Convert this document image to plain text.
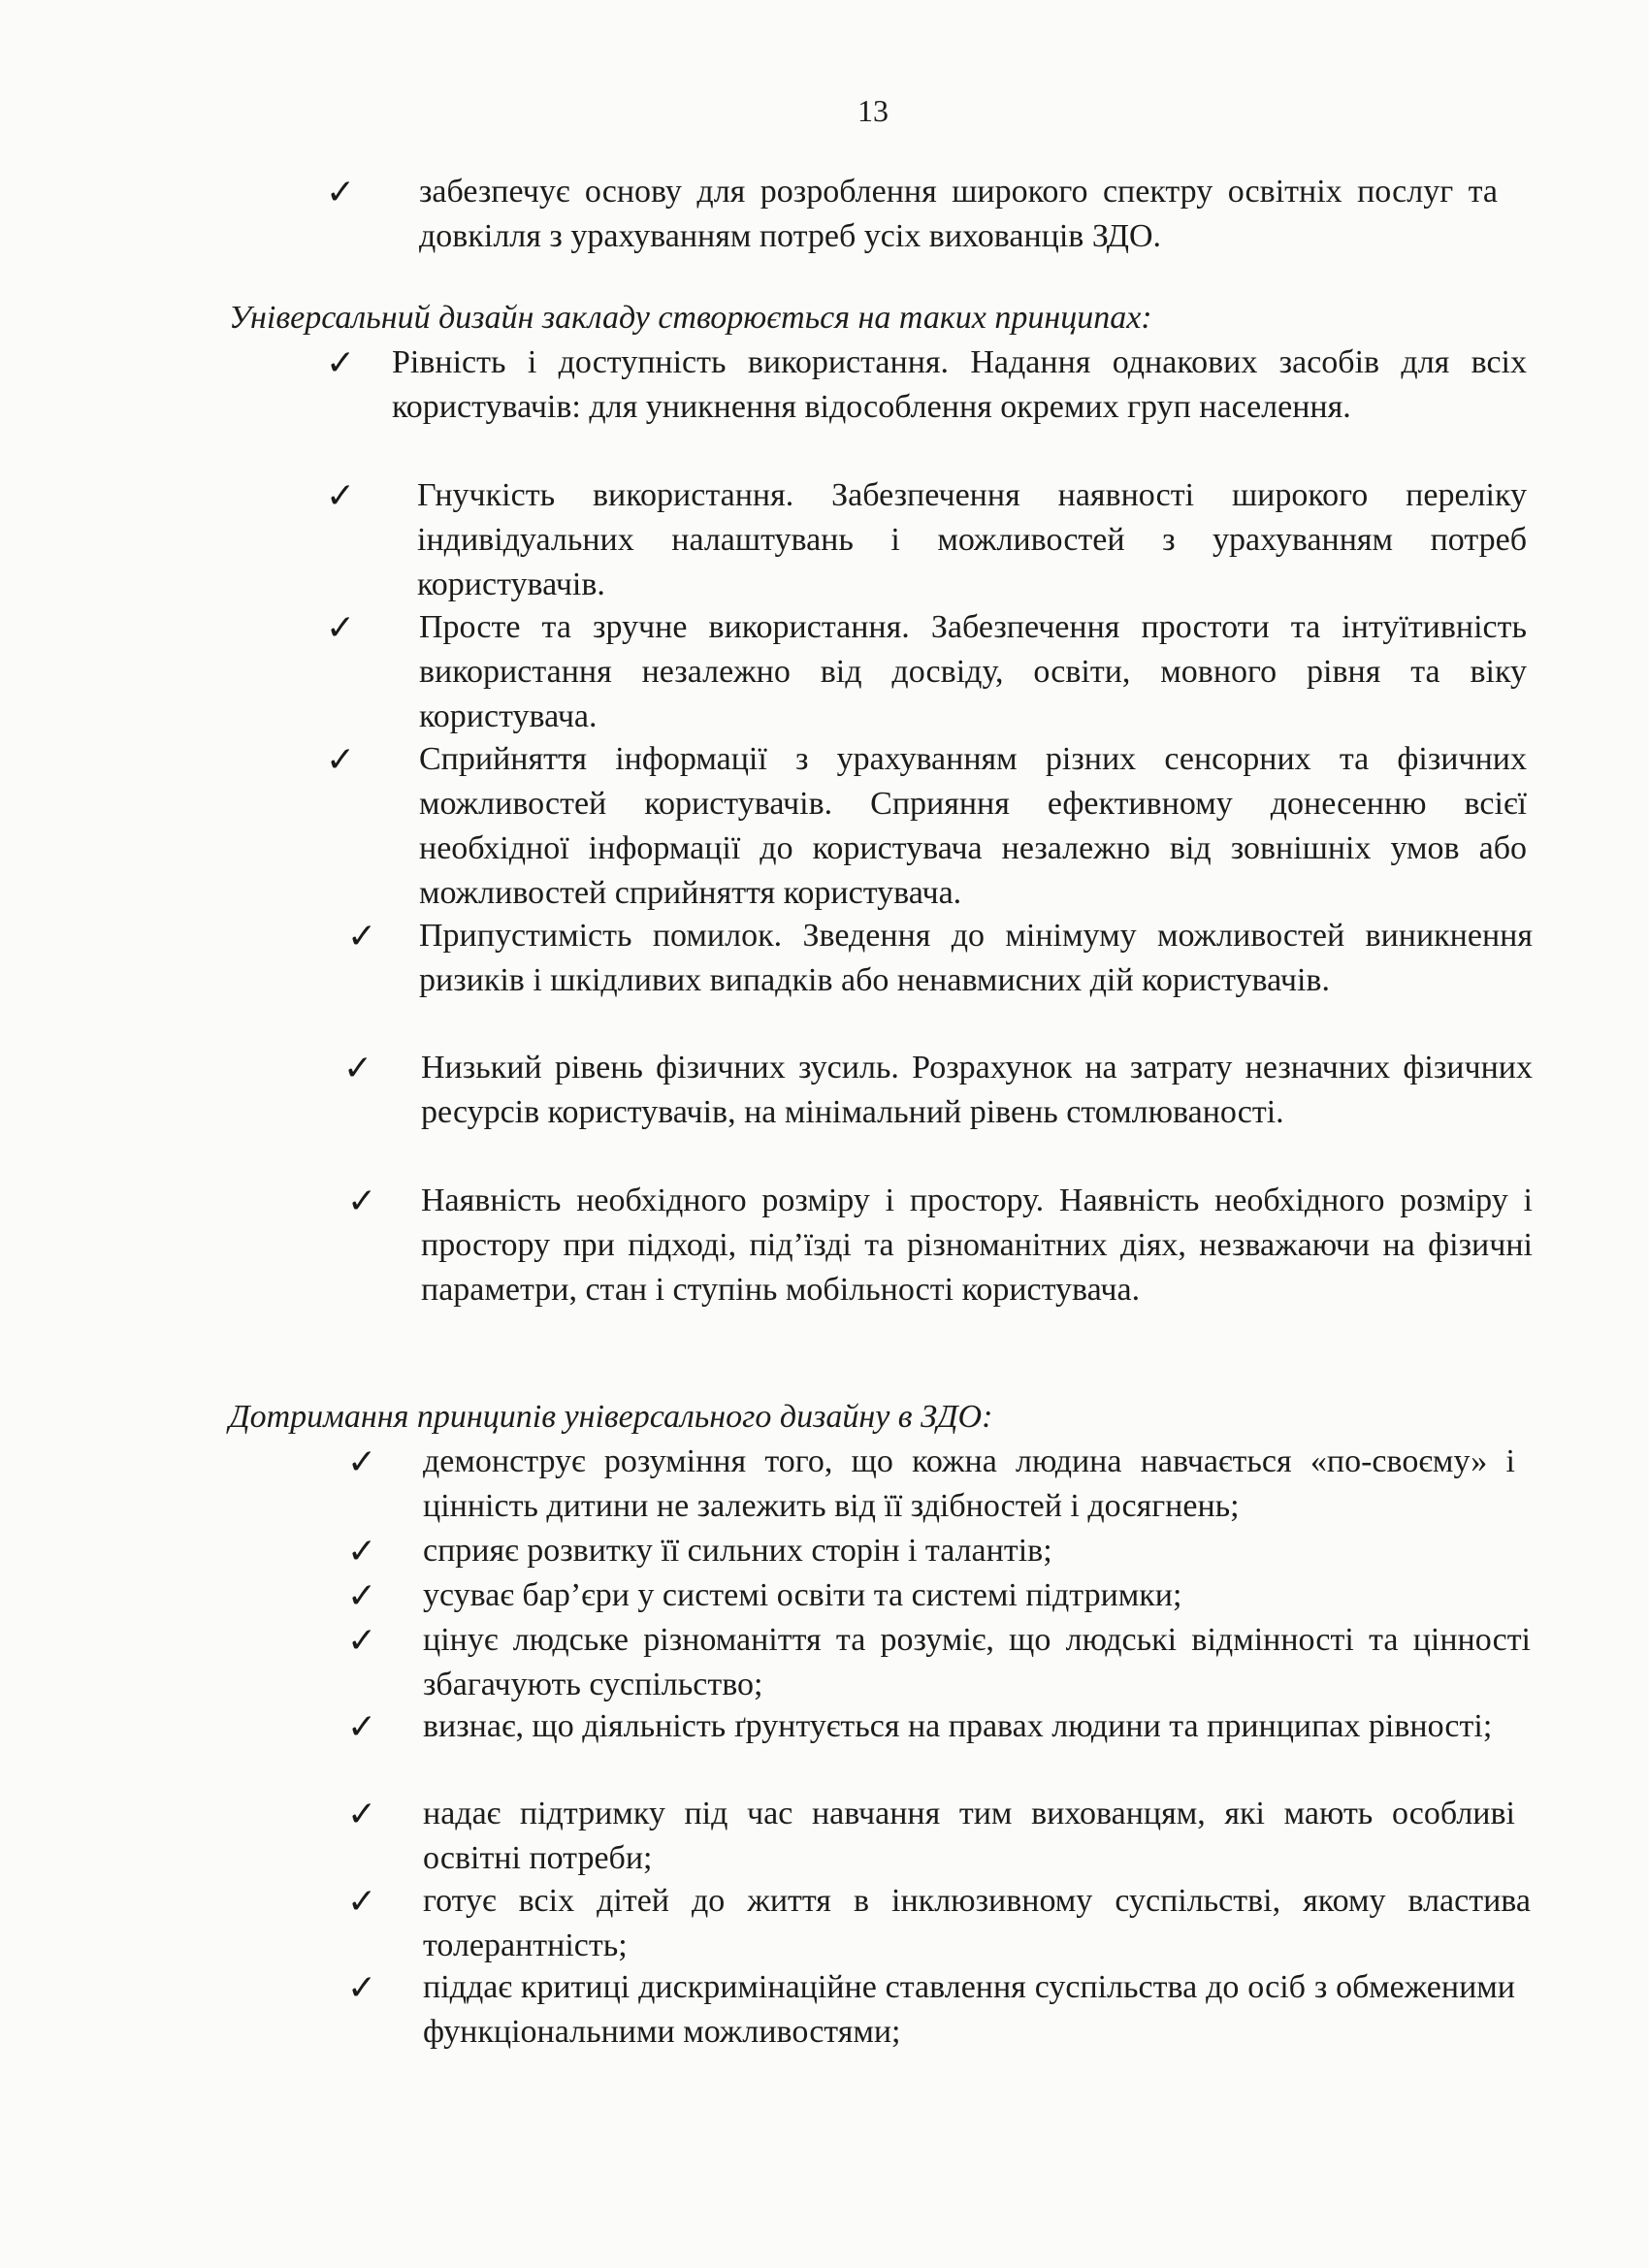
13
✓ забезпечує основу для розроблення широкого спектру освітніх послуг та довкілля з урахуванням потреб усіх вихованців ЗДО.
Універсальний дизайн закладу створюється на таких принципах:
✓ Рівність і доступність використання. Надання однакових засобів для всіх користувачів: для уникнення відособлення окремих груп населення.
✓ Гнучкість використання. Забезпечення наявності широкого переліку індивідуальних налаштувань і можливостей з урахуванням потреб користувачів.
✓ Просте та зручне використання. Забезпечення простоти та інтуїтивність використання незалежно від досвіду, освіти, мовного рівня та віку користувача.
✓ Сприйняття інформації з урахуванням різних сенсорних та фізичних можливостей користувачів. Сприяння ефективному донесенню всієї необхідної інформації до користувача незалежно від зовнішніх умов або можливостей сприйняття користувача.
✓ Припустимість помилок. Зведення до мінімуму можливостей виникнення ризиків і шкідливих випадків або ненавмисних дій користувачів.
✓ Низький рівень фізичних зусиль. Розрахунок на затрату незначних фізичних ресурсів користувачів, на мінімальний рівень стомлюваності.
✓ Наявність необхідного розміру і простору. Наявність необхідного розміру і простору при підході, під’їзді та різноманітних діях, незважаючи на фізичні параметри, стан і ступінь мобільності користувача.
Дотримання принципів універсального дизайну в ЗДО:
✓ демонструє розуміння того, що кожна людина навчається «по-своєму» і цінність дитини не залежить від її здібностей і досягнень;
✓ сприяє розвитку її сильних сторін і талантів;
✓ усуває бар’єри у системі освіти та системі підтримки;
✓ цінує людське різноманіття та розуміє, що людські відмінності та цінності збагачують суспільство;
✓ визнає, що діяльність ґрунтується на правах людини та принципах рівності;
✓ надає підтримку під час навчання тим вихованцям, які мають особливі освітні потреби;
✓ готує всіх дітей до життя в інклюзивному суспільстві, якому властива толерантність;
✓ піддає критиці дискримінаційне ставлення суспільства до осіб з обмеженими функціональними можливостями;
